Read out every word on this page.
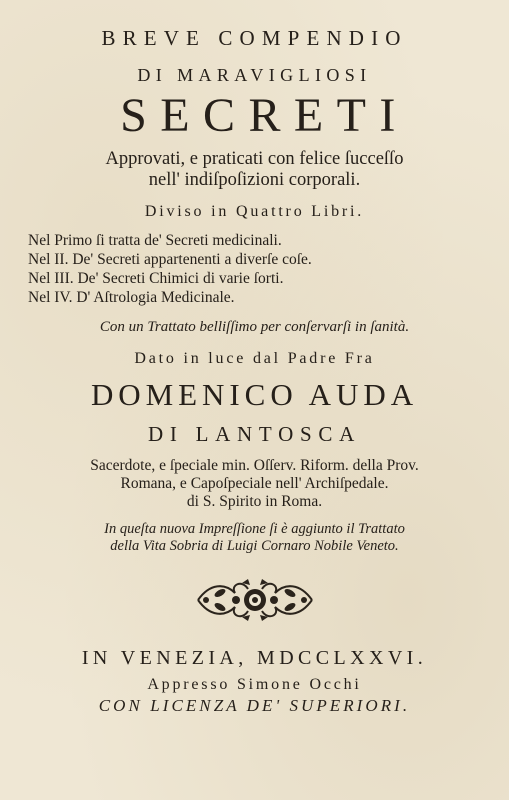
BREVE COMPENDIO
DI MARAVIGLIOSI
SECRETI
Approvati, e praticati con felice ſucceſſo
nell' indiſpoſizioni corporali.
Diviso in Quattro Libri.
Nel Primo ſi tratta de' Secreti medicinali.
Nel II. De' Secreti appartenenti a diverſe coſe.
Nel III. De' Secreti Chimici di varie ſorti.
Nel IV. D' Aſtrologia Medicinale.
Con un Trattato belliſſimo per conſervarſi in ſanità.
Dato in luce dal Padre Fra
DOMENICO AUDA
DI LANTOSCA
Sacerdote, e ſpeciale min. Oſſerv. Riform. della Prov.
Romana, e Capoſpeciale nell' Archiſpedale.
di S. Spirito in Roma.
In queſta nuova Impreſſione ſi è aggiunto il Trattato
della Vita Sobria di Luigi Cornaro Nobile Veneto.
IN VENEZIA, MDCCLXXVI.
Appresso Simone Occhi
CON LICENZA DE' SUPERIORI.
